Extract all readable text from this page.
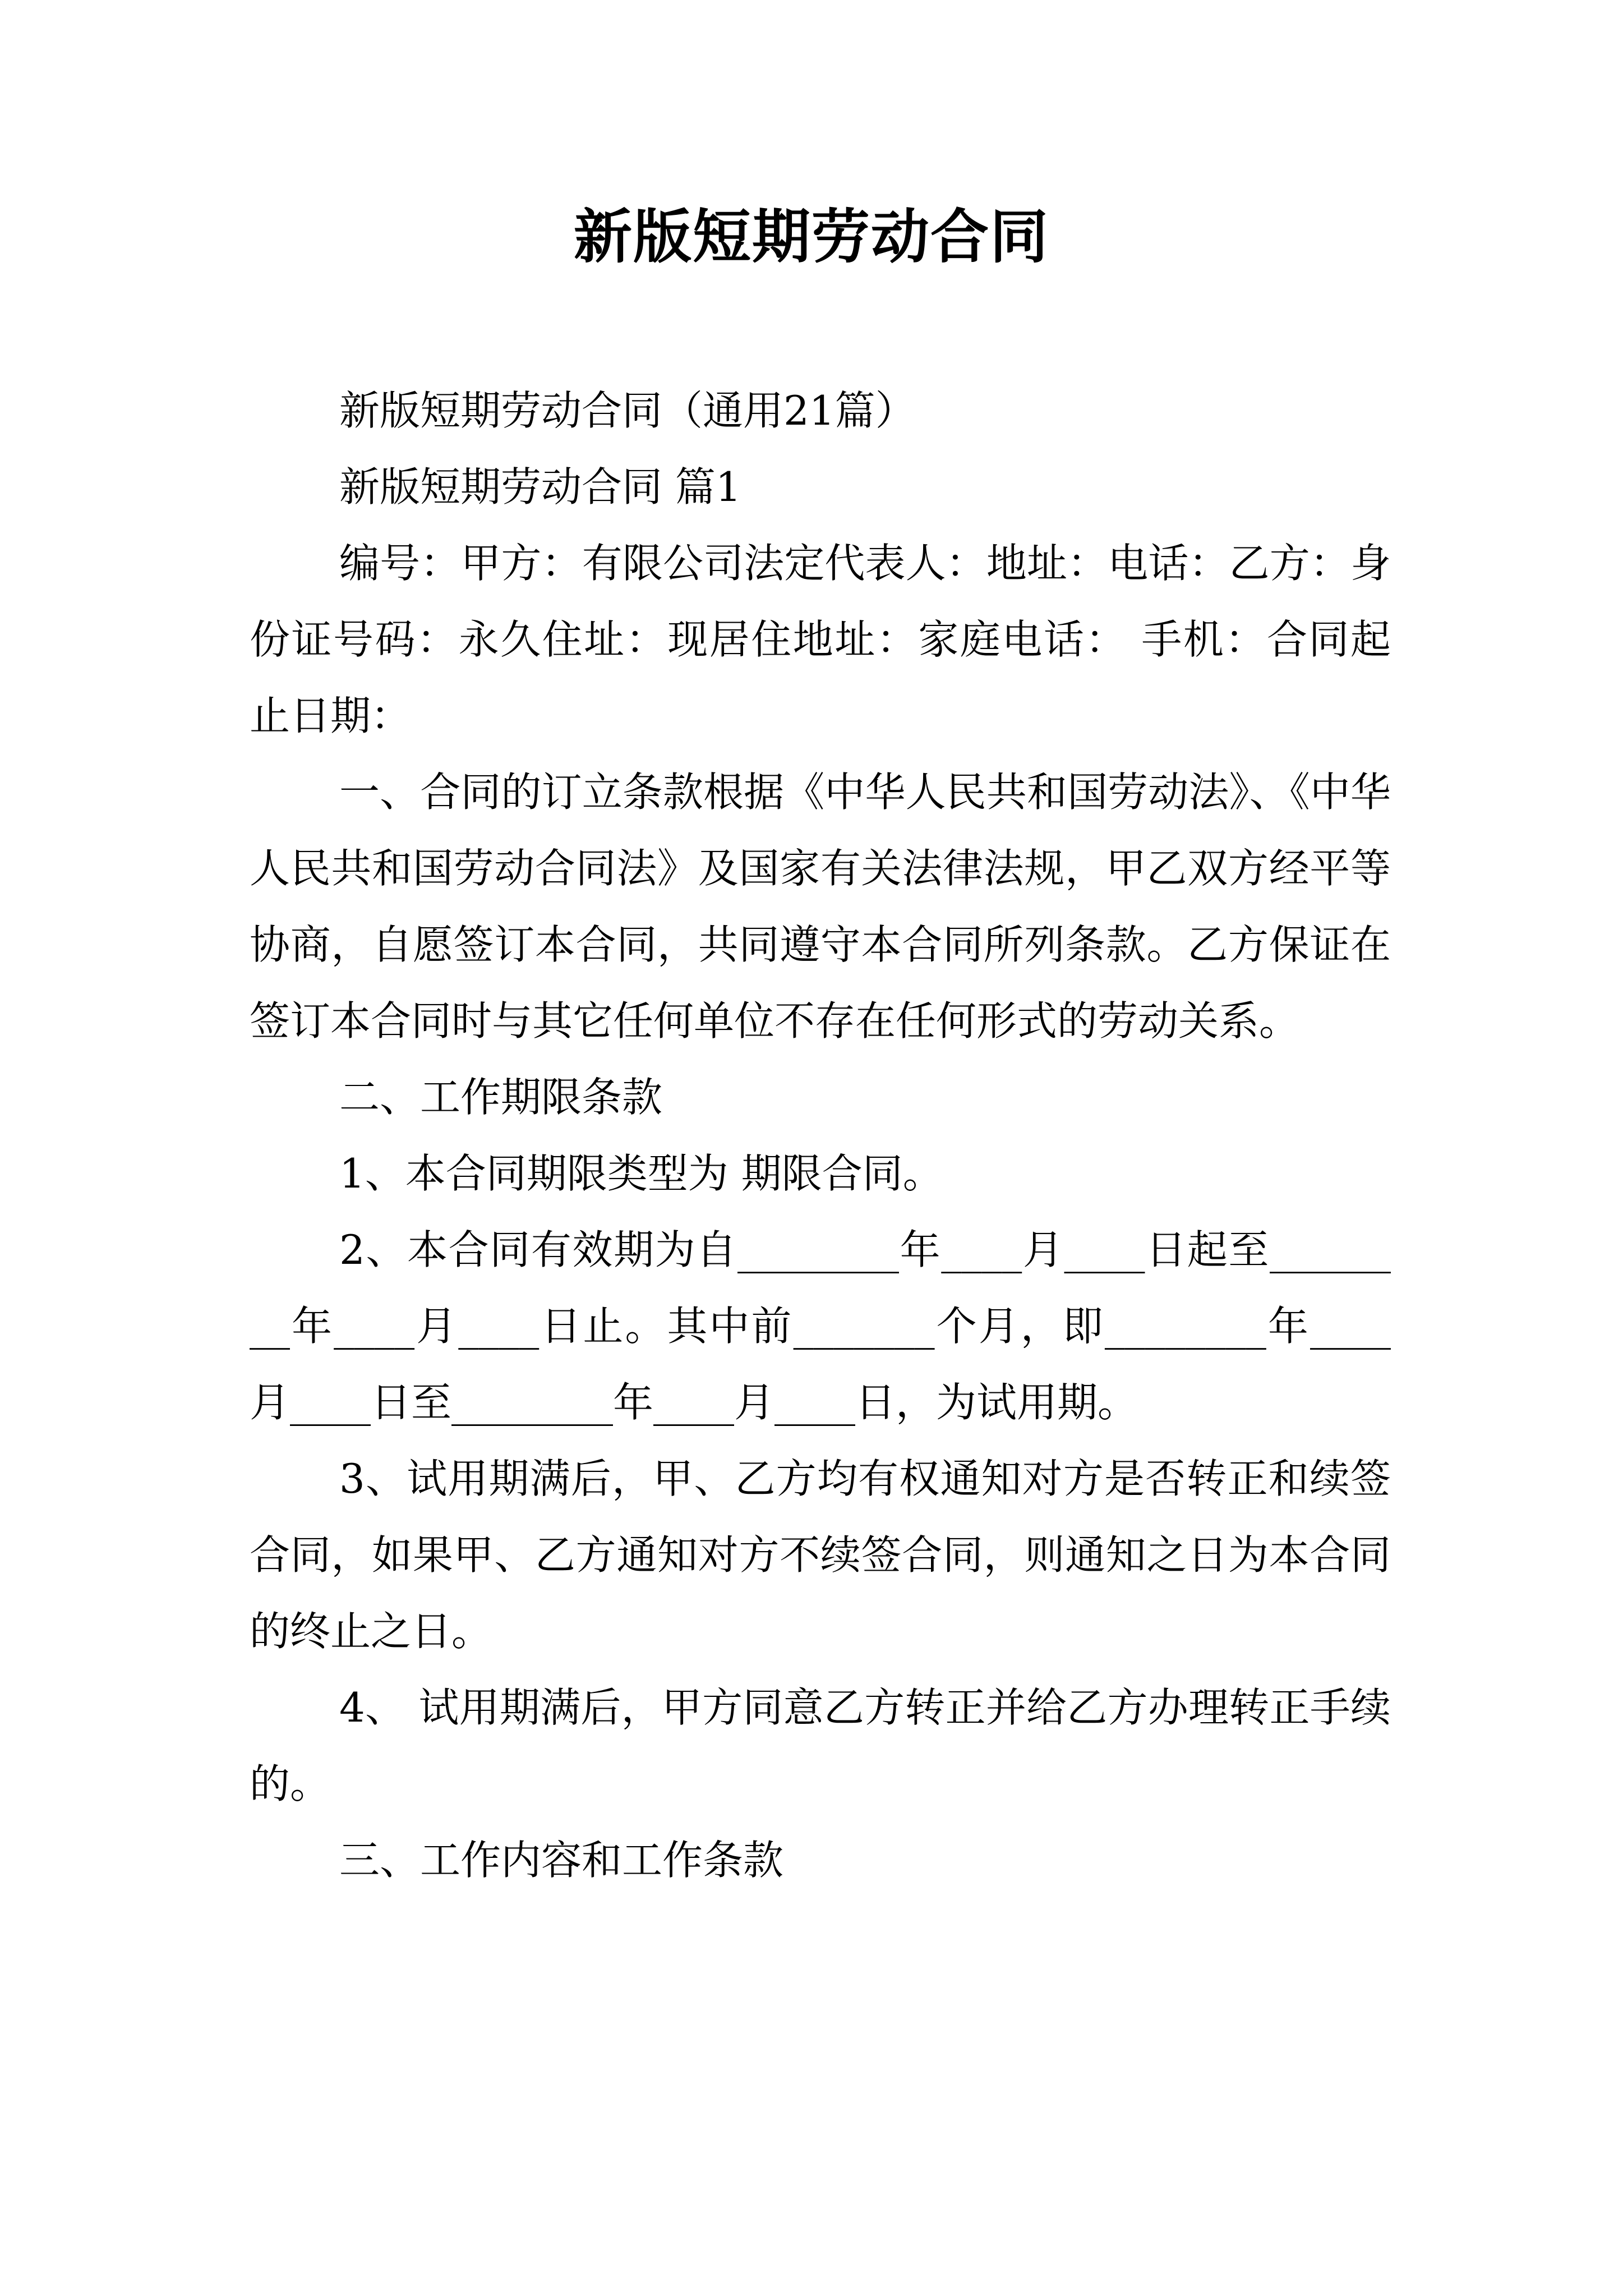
新版短期劳动合同

新版短期劳动合同（通用21篇）

新版短期劳动合同 篇1

编号：甲方：有限公司法定代表人：地址：电话：乙方：身份证号码：永久住址：现居住地址：家庭电话： 手机：合同起止日期：

一、合同的订立条款根据《中华人民共和国劳动法》、《中华人民共和国劳动合同法》及国家有关法律法规，甲乙双方经平等协商，自愿签订本合同，共同遵守本合同所列条款。乙方保证在签订本合同时与其它任何单位不存在任何形式的劳动关系。

二、工作期限条款

1、本合同期限类型为 期限合同。

2、本合同有效期为自________年____月____日起至________年____月____日止。其中前_______个月，即________年____月____日至________年____月____日，为试用期。

3、试用期满后，甲、乙方均有权通知对方是否转正和续签合同，如果甲、乙方通知对方不续签合同，则通知之日为本合同的终止之日。

4、 试用期满后，甲方同意乙方转正并给乙方办理转正手续的。

三、工作内容和工作条款
